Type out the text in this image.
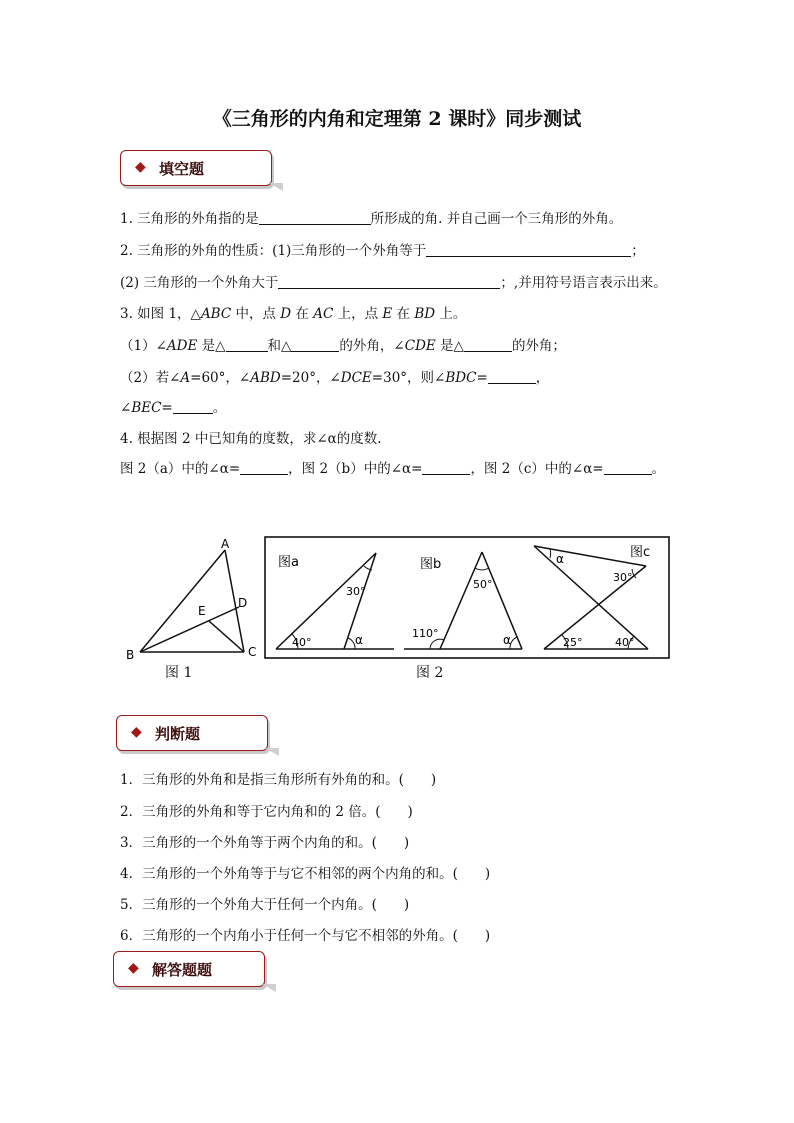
《三角形的内角和定理第 2 课时》同步测试
◆ 填空题
1. 三角形的外角指的是	所形成的角. 并自己画一个三角形的外角。
2. 三角形的外角的性质：(1)三角形的一个外角等于	；
(2) 三角形的一个外角大于	；,并用符号语言表示出来。
3. 如图 1，△ABC 中，点 D 在 AC 上，点 E 在 BD 上。
（1）∠ADE 是△	和△	的外角，∠CDE 是△	的外角；
（2）若∠A=60°，∠ABD=20°，∠DCE=30°，则∠BDC=	，
∠BEC=	。
4. 根据图 2 中已知角的度数，求∠α的度数.
图 2（a）中的∠α=	，图 2（b）中的∠α=	，图 2（c）中的∠α=	。
A
B	C
D
E
图 1
图a
40°
30°
α
图b
50°
110°	α
图c
α
30°
25°	40°
图 2
◆ 判断题
1．三角形的外角和是指三角形所有外角的和。(　　)
2．三角形的外角和等于它内角和的 2 倍。(　　)
3．三角形的一个外角等于两个内角的和。(　　)
4．三角形的一个外角等于与它不相邻的两个内角的和。(　　)
5．三角形的一个外角大于任何一个内角。(　　)
6．三角形的一个内角小于任何一个与它不相邻的外角。(　　)
◆ 解答题题
